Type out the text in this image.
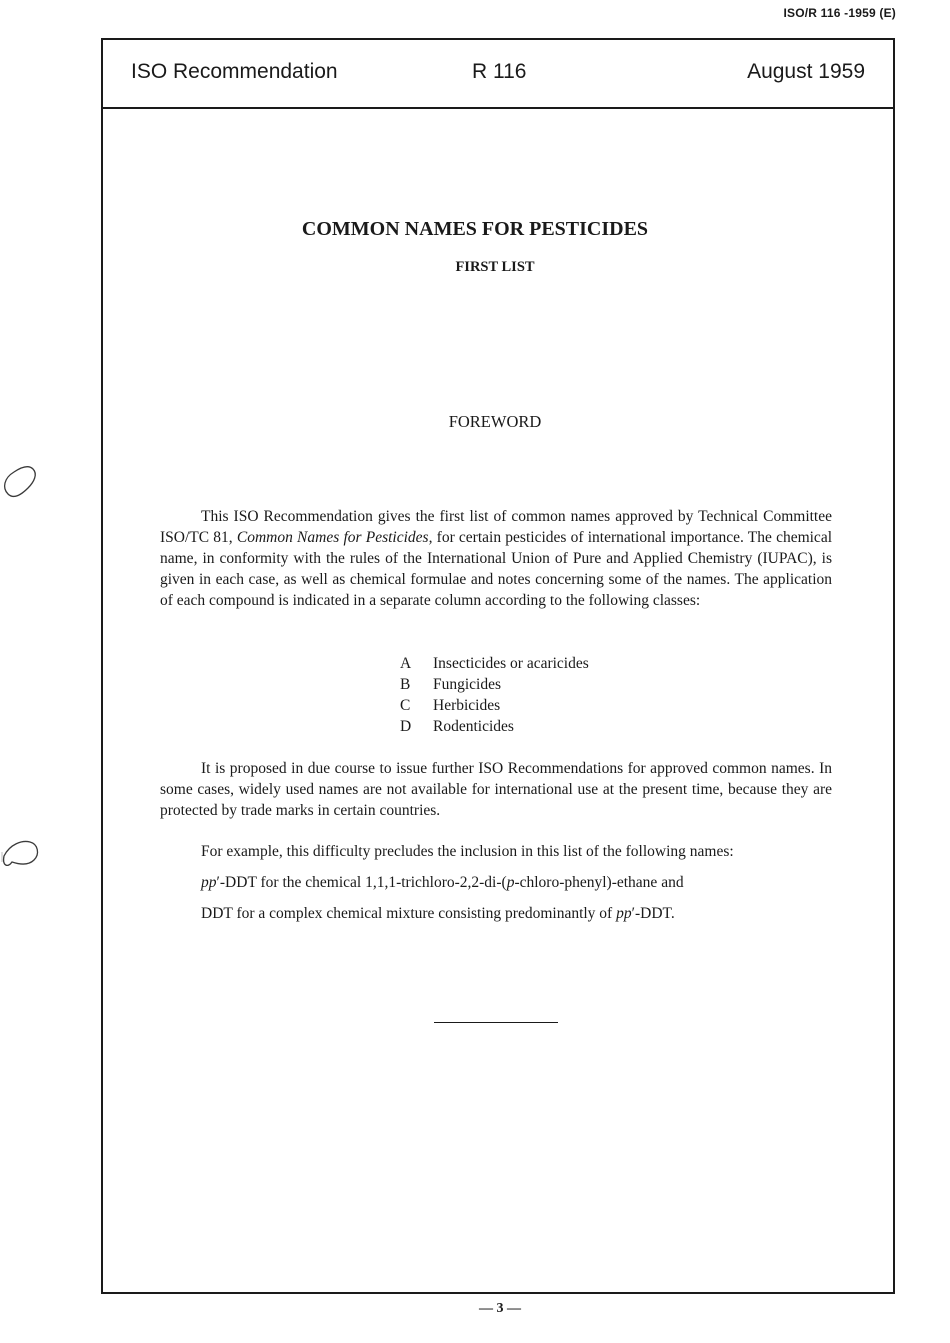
ISO/R 116 -1959 (E)
ISO Recommendation	R 116	August 1959
COMMON NAMES FOR PESTICIDES
FIRST LIST
FOREWORD

This ISO Recommendation gives the first list of common names approved by Technical Committee ISO/TC 81, Common Names for Pesticides, for certain pesticides of international importance. The chemical name, in conformity with the rules of the International Union of Pure and Applied Chemistry (IUPAC), is given in each case, as well as chemical formulae and notes concerning some of the names. The application of each compound is indicated in a separate column according to the following classes:

A Insecticides or acaricides
B Fungicides
C Herbicides
D Rodenticides

It is proposed in due course to issue further ISO Recommendations for approved common names. In some cases, widely used names are not available for international use at the present time, because they are protected by trade marks in certain countries.

For example, this difficulty precludes the inclusion in this list of the following names:
pp′-DDT for the chemical 1,1,1-trichloro-2,2-di-(p-chloro-phenyl)-ethane and
DDT for a complex chemical mixture consisting predominantly of pp′-DDT.
— 3 —
